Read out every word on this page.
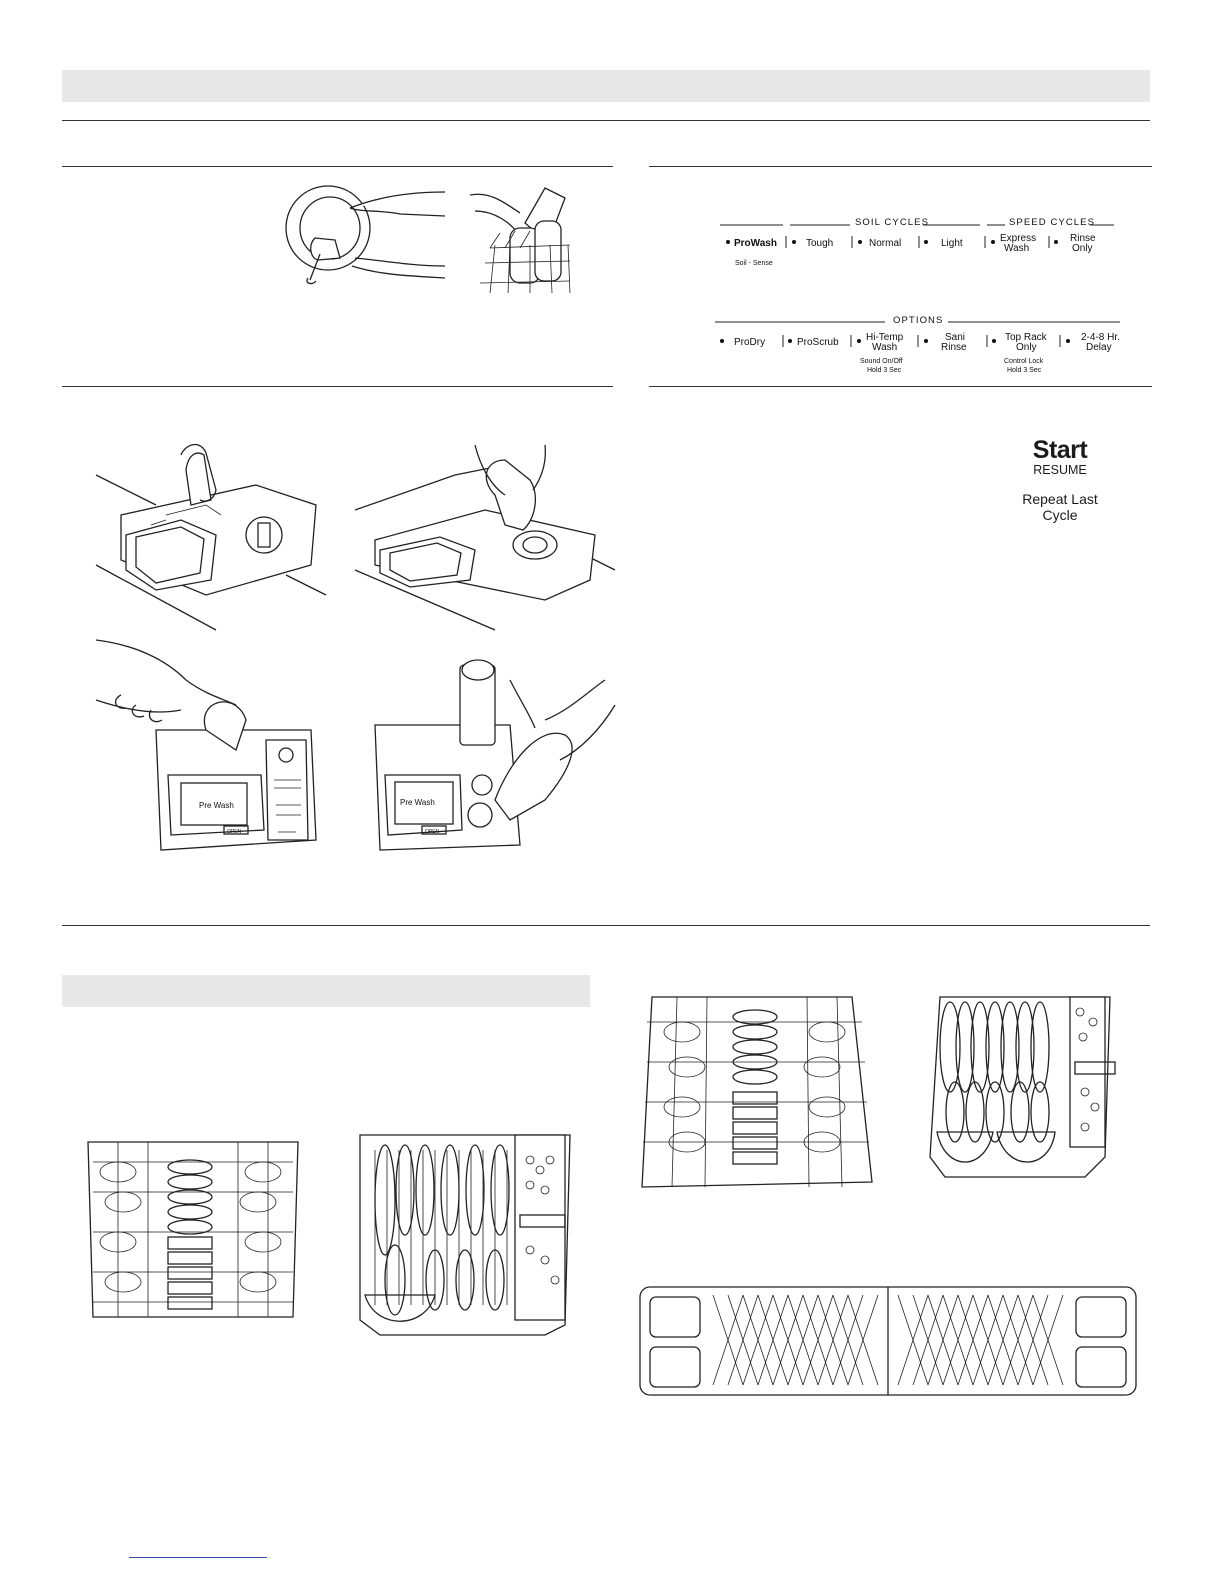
SOIL CYCLES	SPEED CYCLES
ProWash
Soil - Sense
Tough	Normal	Light	Express
Wash
Rinse
Only
OPTIONS
ProDry	ProScrub	Hi-Temp
Wash
Sound On/Off
Hold 3 Sec
Sani
Rinse
Top Rack
Only
Control Lock
Hold 3 Sec
2-4-8 Hr.
Delay
Start
RESUME
Repeat Last
Cycle
Pre Wash
OPEN
Pre Wash
OPEN
